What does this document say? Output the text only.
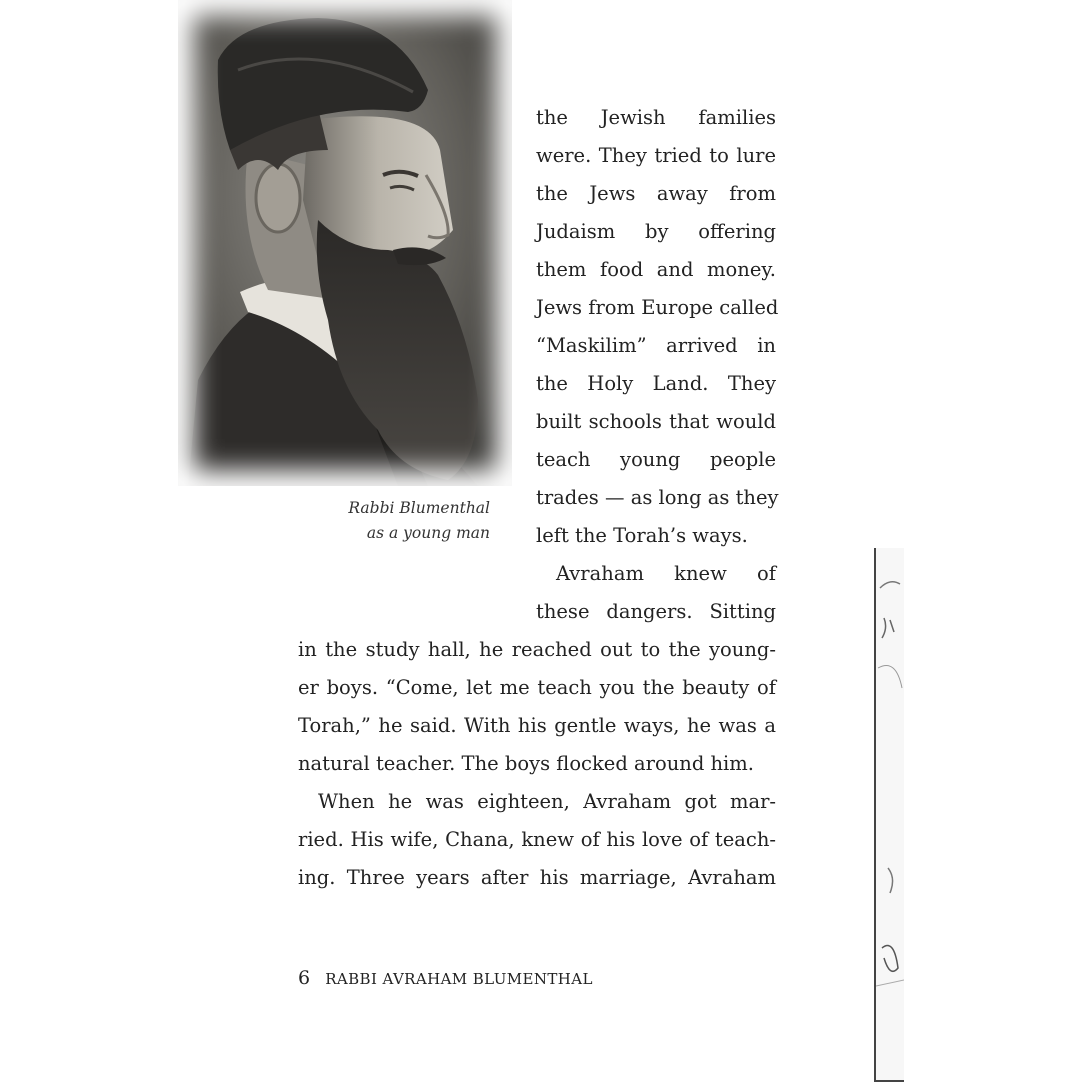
Rabbi Blumenthal
as a young man
the Jewish families
were. They tried to lure
the Jews away from
Judaism by offering
them food and money.
Jews from Europe called
“Maskilim” arrived in
the Holy Land. They
built schools that would
teach young people
trades — as long as they
left the Torah’s ways.
Avraham knew of
these dangers. Sitting
in the study hall, he reached out to the young-
er boys. “Come, let me teach you the beauty of
Torah,” he said. With his gentle ways, he was a
natural teacher. The boys flocked around him.
When he was eighteen, Avraham got mar-
ried. His wife, Chana, knew of his love of teach-
ing. Three years after his marriage, Avraham
6 RABBI AVRAHAM BLUMENTHAL
